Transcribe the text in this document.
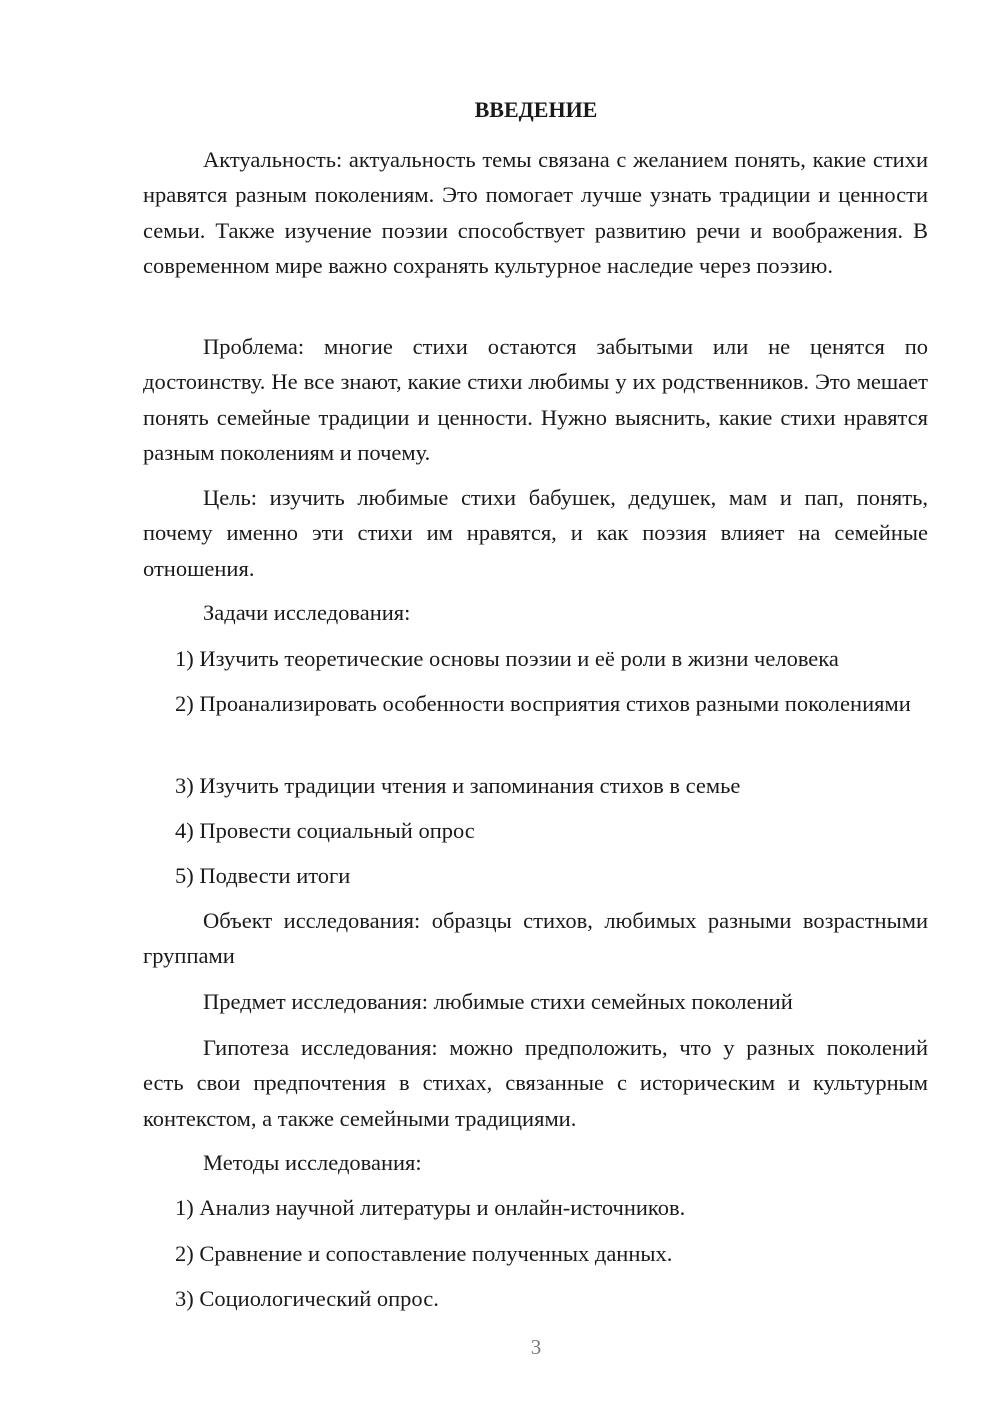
ВВЕДЕНИЕ

Актуальность: актуальность темы связана с желанием понять, какие стихи нравятся разным поколениям. Это помогает лучше узнать традиции и ценности семьи. Также изучение поэзии способствует развитию речи и воображения. В современном мире важно сохранять культурное наследие через поэзию.

Проблема: многие стихи остаются забытыми или не ценятся по достоинству. Не все знают, какие стихи любимы у их родственников. Это мешает понять семейные традиции и ценности. Нужно выяснить, какие стихи нравятся разным поколениям и почему.

Цель: изучить любимые стихи бабушек, дедушек, мам и пап, понять, почему именно эти стихи им нравятся, и как поэзия влияет на семейные отношения.

Задачи исследования:

1) Изучить теоретические основы поэзии и её роли в жизни человека

2) Проанализировать особенности восприятия стихов разными поколениями

3) Изучить традиции чтения и запоминания стихов в семье

4) Провести социальный опрос

5) Подвести итоги

Объект исследования: образцы стихов, любимых разными возрастными группами

Предмет исследования: любимые стихи семейных поколений

Гипотеза исследования: можно предположить, что у разных поколений есть свои предпочтения в стихах, связанные с историческим и культурным контекстом, а также семейными традициями.

Методы исследования:

1) Анализ научной литературы и онлайн-источников.

2) Сравнение и сопоставление полученных данных.

3) Социологический опрос.

3
